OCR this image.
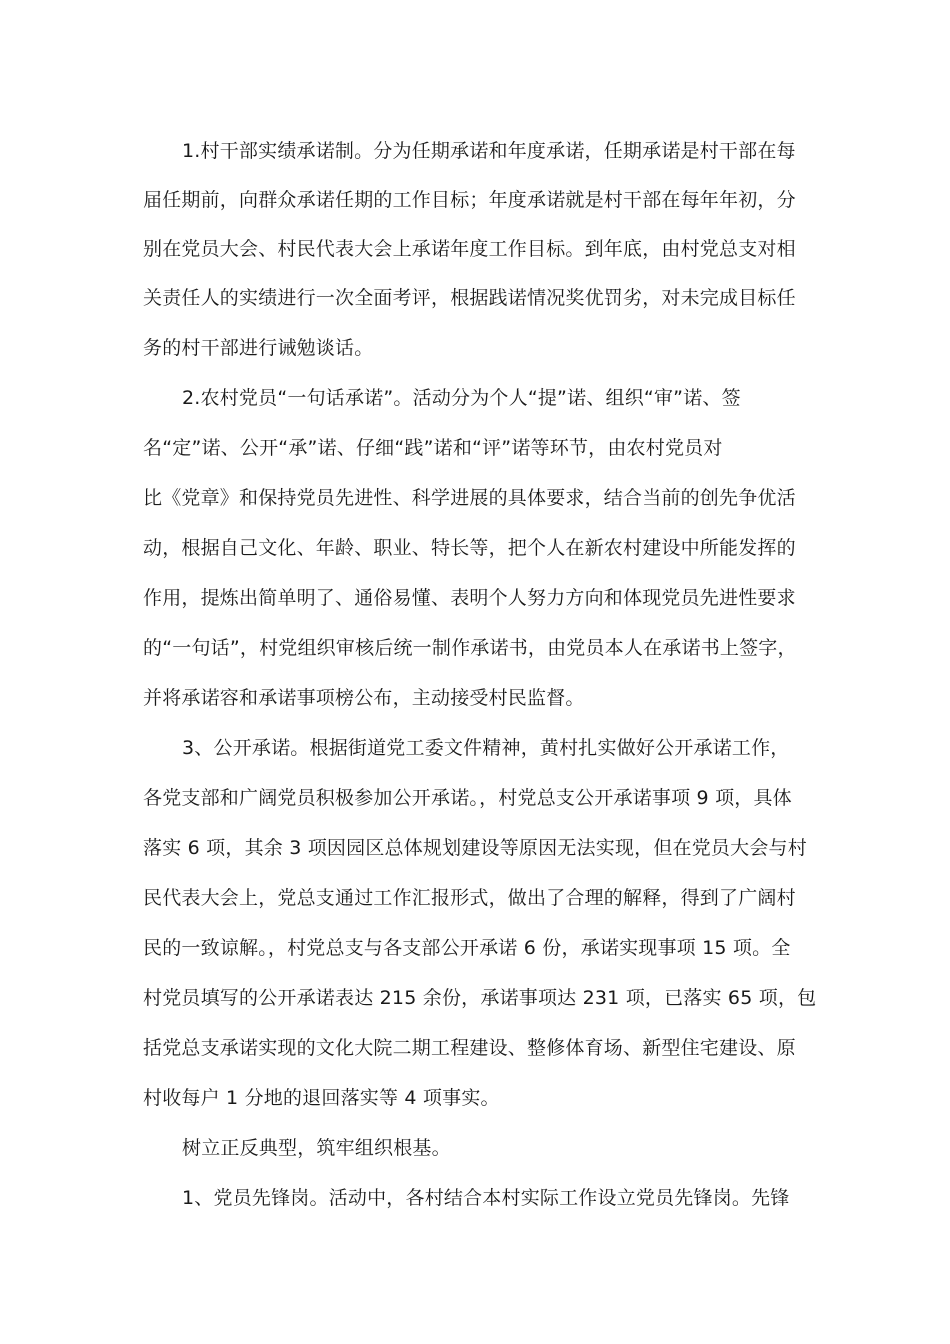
1.村干部实绩承诺制。分为任期承诺和年度承诺，任期承诺是村干部在每
届任期前，向群众承诺任期的工作目标；年度承诺就是村干部在每年年初，分
别在党员大会、村民代表大会上承诺年度工作目标。到年底，由村党总支对相
关责任人的实绩进行一次全面考评，根据践诺情况奖优罚劣，对未完成目标任
务的村干部进行诫勉谈话。
2.农村党员“一句话承诺”。活动分为个人“提”诺、组织“审”诺、签
名“定”诺、公开“承”诺、仔细“践”诺和“评”诺等环节，由农村党员对
比《党章》和保持党员先进性、科学进展的具体要求，结合当前的创先争优活
动，根据自己文化、年龄、职业、特长等，把个人在新农村建设中所能发挥的
作用，提炼出简单明了、通俗易懂、表明个人努力方向和体现党员先进性要求
的“一句话”，村党组织审核后统一制作承诺书，由党员本人在承诺书上签字，
并将承诺容和承诺事项榜公布，主动接受村民监督。
3、公开承诺。根据街道党工委文件精神，黄村扎实做好公开承诺工作，
各党支部和广阔党员积极参加公开承诺。，村党总支公开承诺事项 9 项，具体
落实 6 项，其余 3 项因园区总体规划建设等原因无法实现，但在党员大会与村
民代表大会上，党总支通过工作汇报形式，做出了合理的解释，得到了广阔村
民的一致谅解。，村党总支与各支部公开承诺 6 份，承诺实现事项 15 项。全
村党员填写的公开承诺表达 215 余份，承诺事项达 231 项，已落实 65 项，包
括党总支承诺实现的文化大院二期工程建设、整修体育场、新型住宅建设、原
村收每户 1 分地的退回落实等 4 项事实。
树立正反典型，筑牢组织根基。
1、党员先锋岗。活动中，各村结合本村实际工作设立党员先锋岗。先锋
